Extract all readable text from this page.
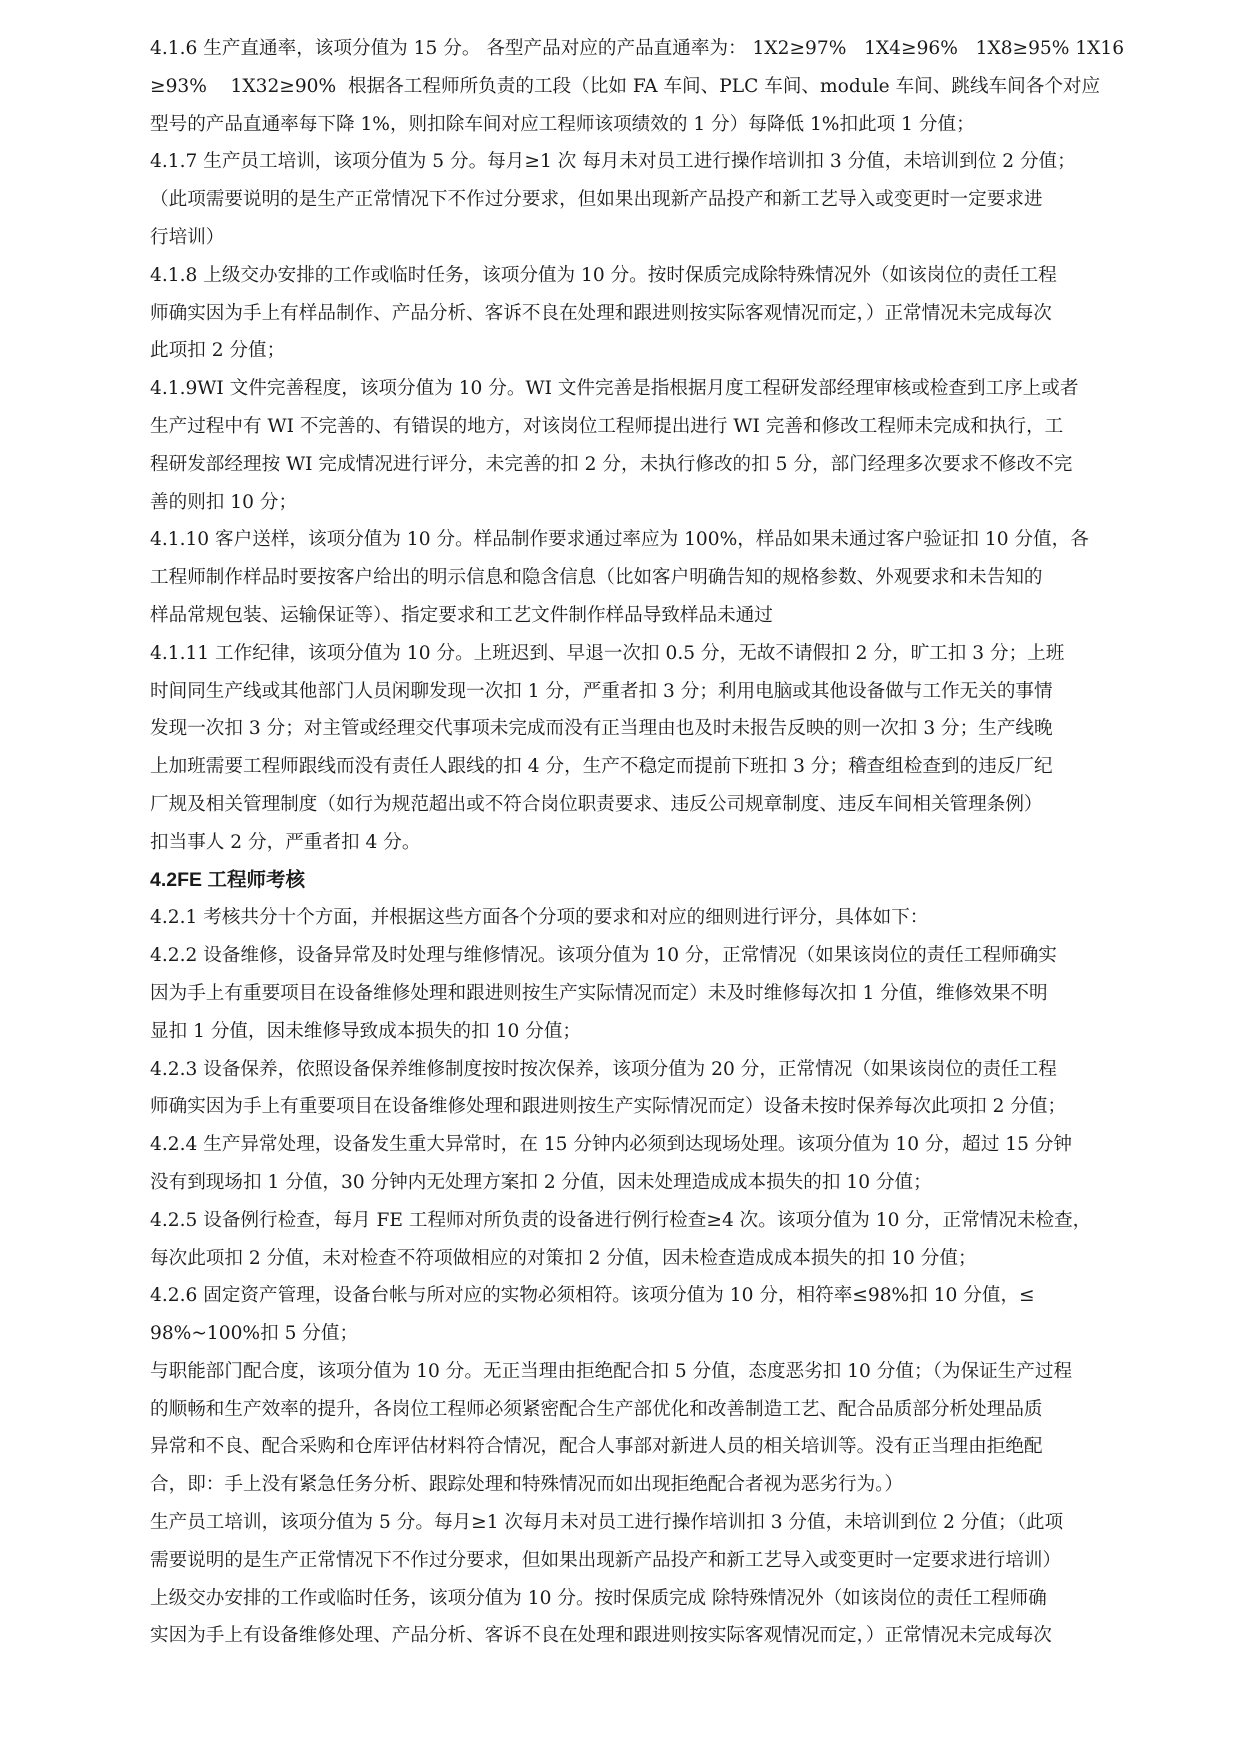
4.1.6 生产直通率，该项分值为 15 分。 各型产品对应的产品直通率为： 1X2≥97%   1X4≥96%   1X8≥95% 1X16
≥93%    1X32≥90%  根据各工程师所负责的工段（比如 FA 车间、PLC 车间、module 车间、跳线车间各个对应
型号的产品直通率每下降 1%，则扣除车间对应工程师该项绩效的 1 分）每降低 1%扣此项 1 分值；
4.1.7 生产员工培训，该项分值为 5 分。每月≥1 次 每月未对员工进行操作培训扣 3 分值，未培训到位 2 分值；
（此项需要说明的是生产正常情况下不作过分要求，但如果出现新产品投产和新工艺导入或变更时一定要求进
行培训）
4.1.8 上级交办安排的工作或临时任务，该项分值为 10 分。按时保质完成除特殊情况外（如该岗位的责任工程
师确实因为手上有样品制作、产品分析、客诉不良在处理和跟进则按实际客观情况而定，）正常情况未完成每次
此项扣 2 分值；
4.1.9WI 文件完善程度，该项分值为 10 分。WI 文件完善是指根据月度工程研发部经理审核或检查到工序上或者
生产过程中有 WI 不完善的、有错误的地方，对该岗位工程师提出进行 WI 完善和修改工程师未完成和执行，工
程研发部经理按 WI 完成情况进行评分，未完善的扣 2 分，未执行修改的扣 5 分，部门经理多次要求不修改不完
善的则扣 10 分；
4.1.10 客户送样，该项分值为 10 分。样品制作要求通过率应为 100%，样品如果未通过客户验证扣 10 分值，各
工程师制作样品时要按客户给出的明示信息和隐含信息（比如客户明确告知的规格参数、外观要求和未告知的
样品常规包装、运输保证等）、指定要求和工艺文件制作样品导致样品未通过
4.1.11 工作纪律，该项分值为 10 分。上班迟到、早退一次扣 0.5 分，无故不请假扣 2 分，旷工扣 3 分；上班
时间同生产线或其他部门人员闲聊发现一次扣 1 分，严重者扣 3 分；利用电脑或其他设备做与工作无关的事情
发现一次扣 3 分；对主管或经理交代事项未完成而没有正当理由也及时未报告反映的则一次扣 3 分；生产线晚
上加班需要工程师跟线而没有责任人跟线的扣 4 分，生产不稳定而提前下班扣 3 分；稽查组检查到的违反厂纪
厂规及相关管理制度（如行为规范超出或不符合岗位职责要求、违反公司规章制度、违反车间相关管理条例）
扣当事人 2 分，严重者扣 4 分。
4.2FE 工程师考核
4.2.1 考核共分十个方面，并根据这些方面各个分项的要求和对应的细则进行评分，具体如下：
4.2.2 设备维修，设备异常及时处理与维修情况。该项分值为 10 分，正常情况（如果该岗位的责任工程师确实
因为手上有重要项目在设备维修处理和跟进则按生产实际情况而定）未及时维修每次扣 1 分值，维修效果不明
显扣 1 分值，因未维修导致成本损失的扣 10 分值；
4.2.3 设备保养，依照设备保养维修制度按时按次保养，该项分值为 20 分，正常情况（如果该岗位的责任工程
师确实因为手上有重要项目在设备维修处理和跟进则按生产实际情况而定）设备未按时保养每次此项扣 2 分值；
4.2.4 生产异常处理，设备发生重大异常时，在 15 分钟内必须到达现场处理。该项分值为 10 分，超过 15 分钟
没有到现场扣 1 分值，30 分钟内无处理方案扣 2 分值，因未处理造成成本损失的扣 10 分值；
4.2.5 设备例行检查，每月 FE 工程师对所负责的设备进行例行检查≥4 次。该项分值为 10 分，正常情况未检查，
每次此项扣 2 分值，未对检查不符项做相应的对策扣 2 分值，因未检查造成成本损失的扣 10 分值；
4.2.6 固定资产管理，设备台帐与所对应的实物必须相符。该项分值为 10 分，相符率≤98%扣 10 分值，≤
98%~100%扣 5 分值；
与职能部门配合度，该项分值为 10 分。无正当理由拒绝配合扣 5 分值，态度恶劣扣 10 分值；（为保证生产过程
的顺畅和生产效率的提升，各岗位工程师必须紧密配合生产部优化和改善制造工艺、配合品质部分析处理品质
异常和不良、配合采购和仓库评估材料符合情况，配合人事部对新进人员的相关培训等。没有正当理由拒绝配
合，即：手上没有紧急任务分析、跟踪处理和特殊情况而如出现拒绝配合者视为恶劣行为。）
生产员工培训，该项分值为 5 分。每月≥1 次每月未对员工进行操作培训扣 3 分值，未培训到位 2 分值；（此项
需要说明的是生产正常情况下不作过分要求，但如果出现新产品投产和新工艺导入或变更时一定要求进行培训）
上级交办安排的工作或临时任务，该项分值为 10 分。按时保质完成 除特殊情况外（如该岗位的责任工程师确
实因为手上有设备维修处理、产品分析、客诉不良在处理和跟进则按实际客观情况而定，）正常情况未完成每次
